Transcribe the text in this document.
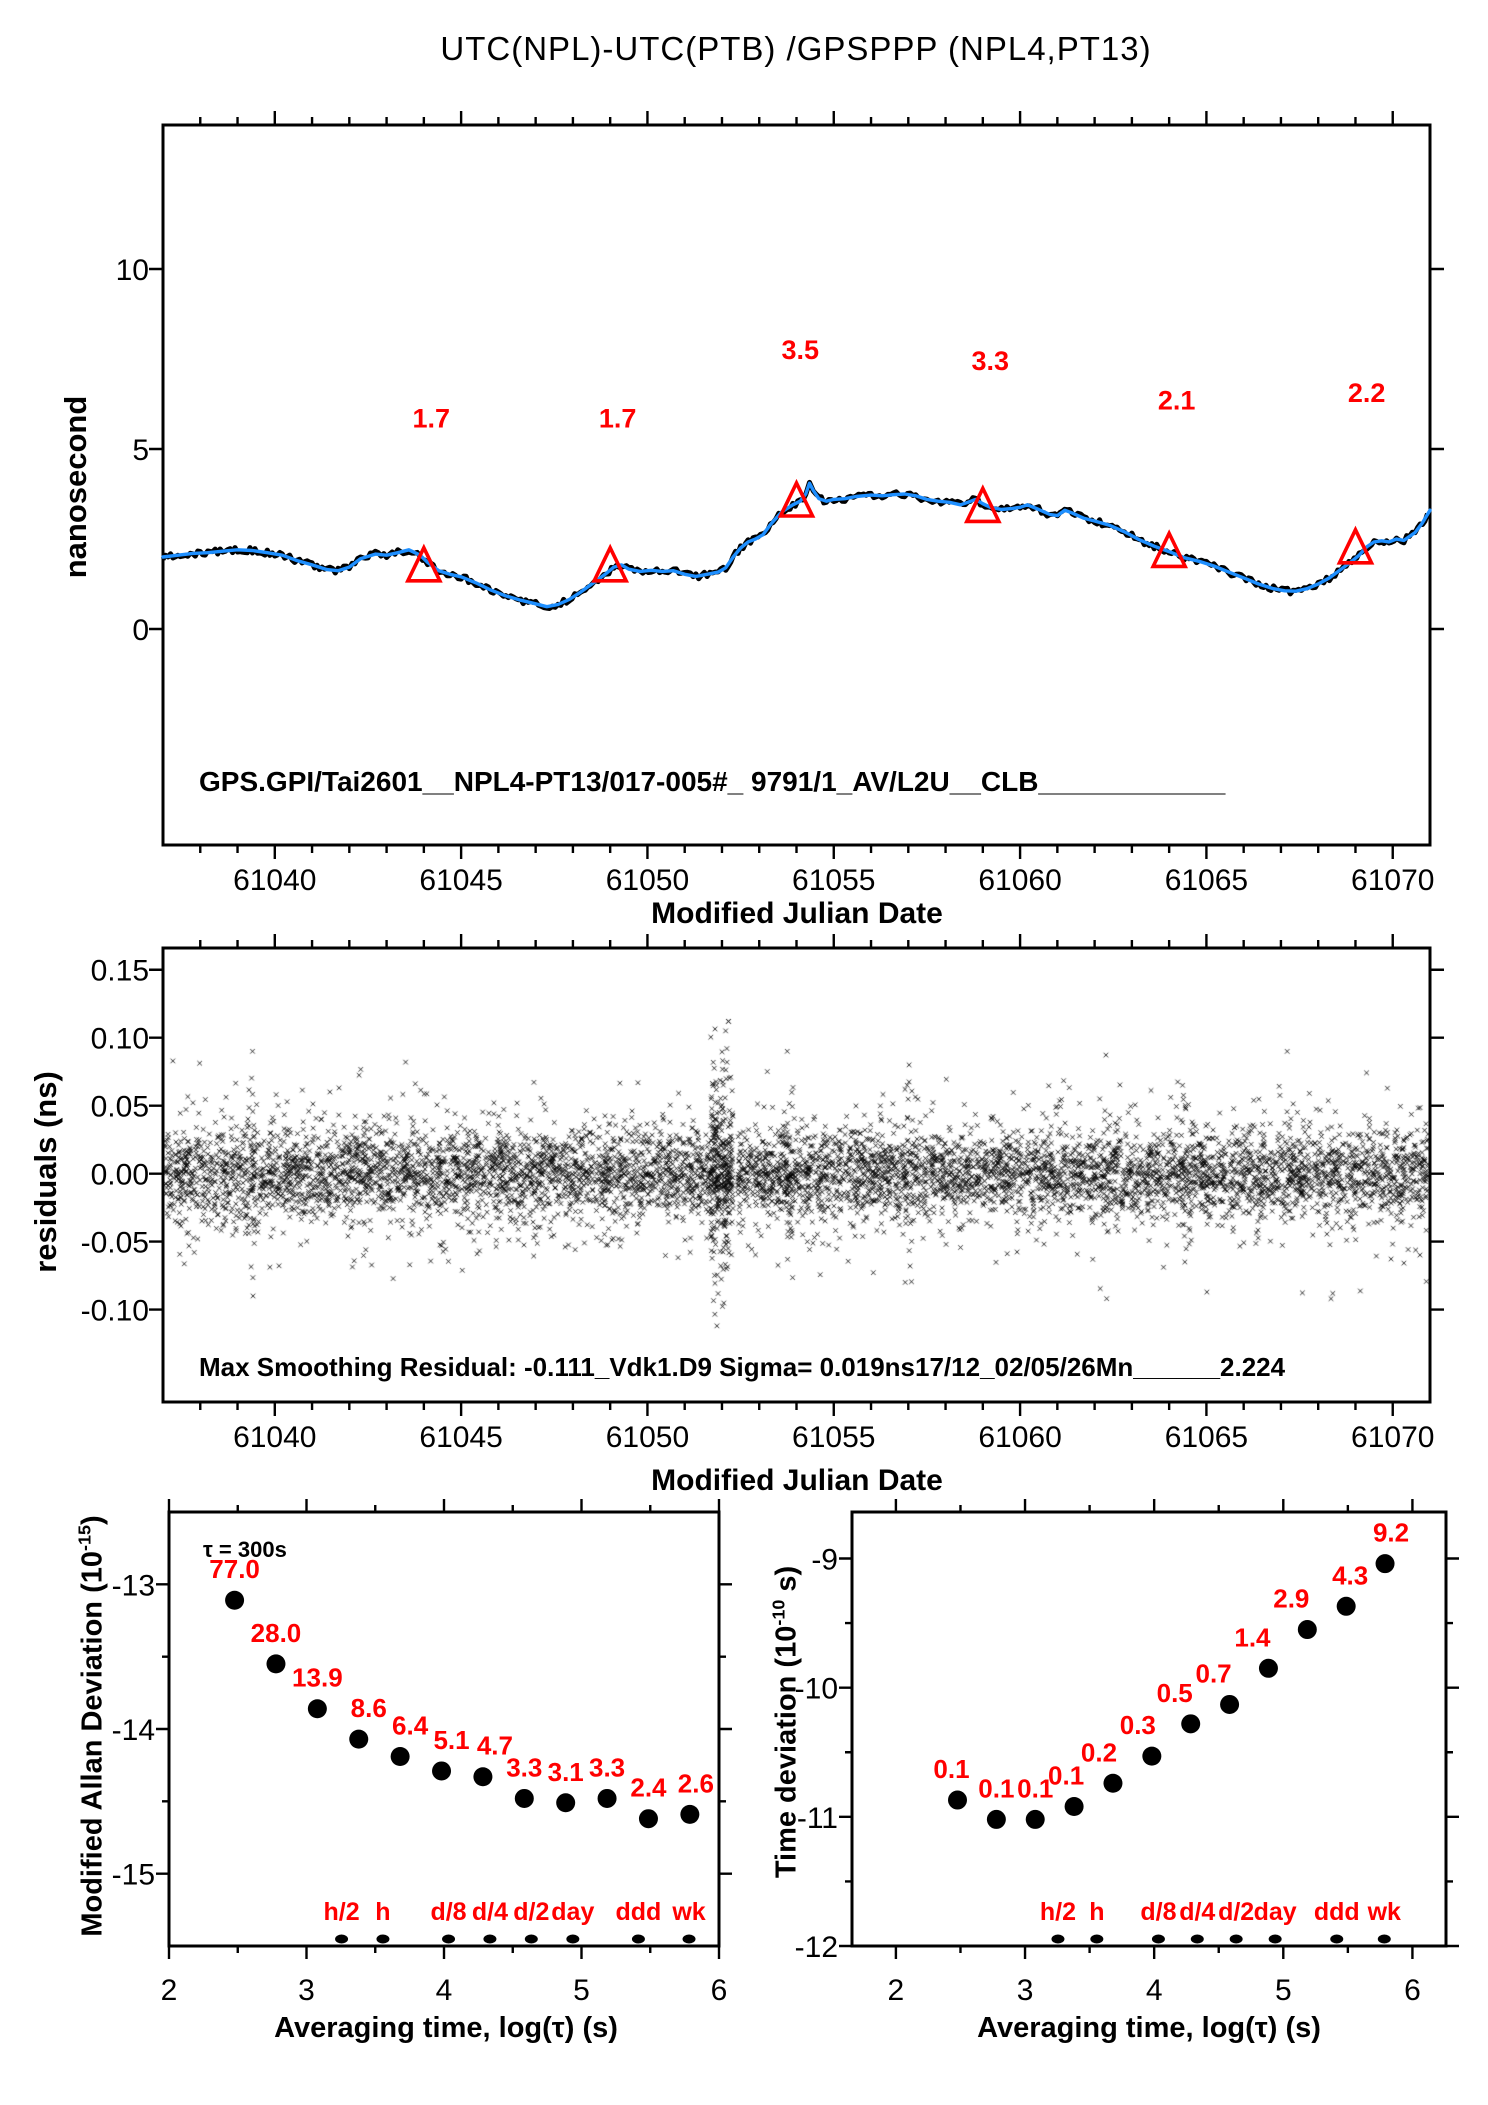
61040	61045	61050	61055	61060	61065	61070
0
5
10
1.7	1.7
3.5	3.3
2.1	2.2
61040	61045	61050	61055	61060	61065	61070
-0.10
-0.05
0.00
0.05
0.10
0.15
2	3	4	5	6
-13
-14
-15
77.0
28.0
13.9
8.6
6.4 5.1 4.7
3.3 3.1 3.3
2.4 2.6
h/2 h d/8 d/4 d/2 day ddd wk
2	3	4	5	6
-9
-10
-11
-12
0.1
0.1 0.1
0.1
0.2
0.3
0.5
0.7
1.4
2.9
4.3
9.2
h/2 h d/8 d/4 d/2 day ddd wk
UTC(NPL)-UTC(PTB) /GPSPPP (NPL4,PT13)
nanosecond
GPS.GPI/Tai2601__NPL4-PT13/017-005#_ 9791/1_AV/L2U__CLB____________
Modified Julian Date
residuals (ns)
Max Smoothing Residual: -0.111_Vdk1.D9 Sigma= 0.019ns17/12_02/05/26Mn______2.224
Modified Julian Date
Modified Allan Deviation $(10^{-15})$
τ = 300s
Averaging time, log(τ) (s)
Time deviation ($10^{-10}$ s)
Averaging time, log(τ) (s)
